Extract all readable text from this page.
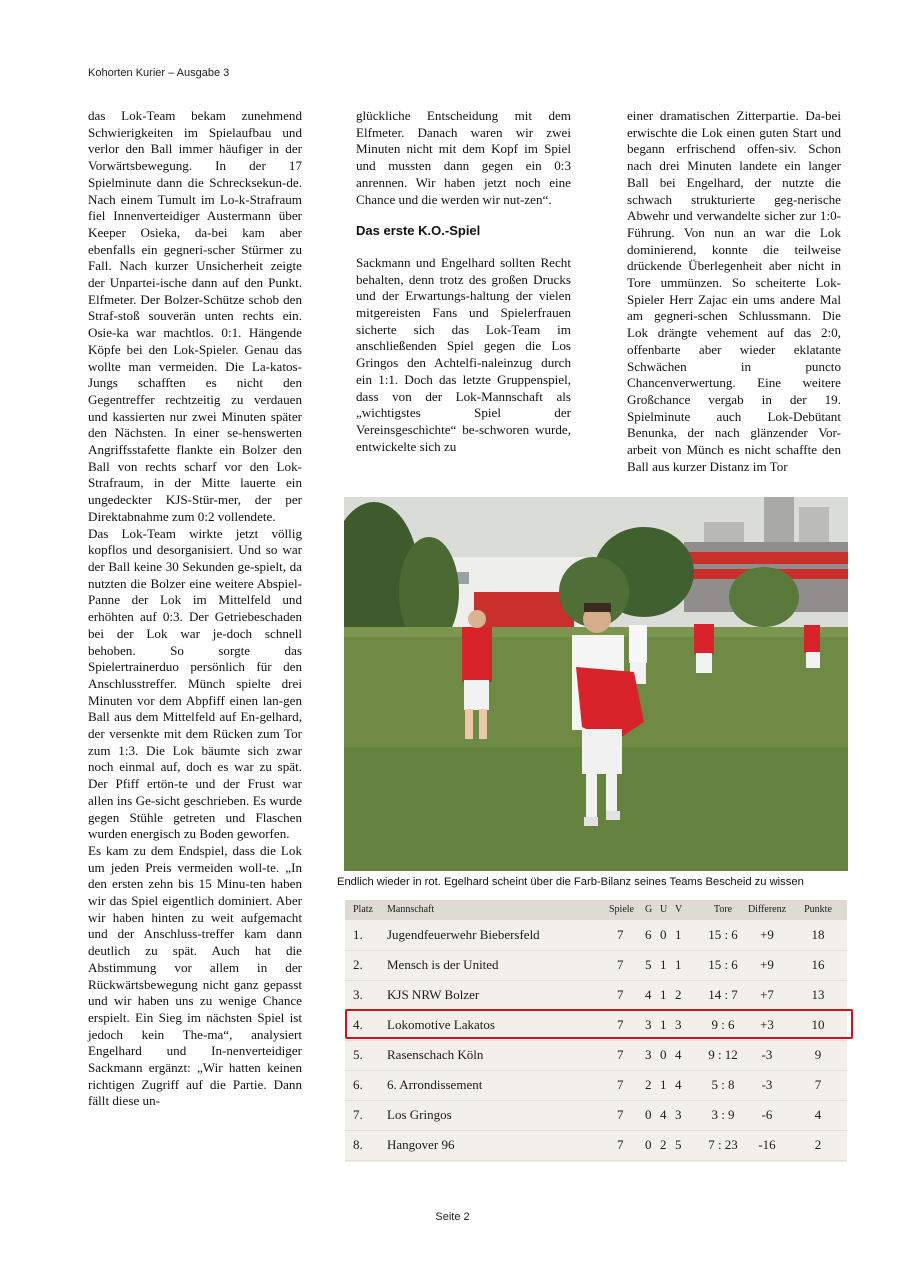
Kohorten Kurier – Ausgabe 3

das Lok-Team bekam zunehmend Schwierigkeiten im Spielaufbau und verlor den Ball immer häufiger in der Vorwärtsbewegung. In der 17 Spielminute dann die Schrecksekun-de. Nach einem Tumult im Lo-k-Strafraum fiel Innenverteidiger Austermann über Keeper Osieka, da-bei kam aber ebenfalls ein gegneri-scher Stürmer zu Fall. Nach kurzer Unsicherheit zeigte der Unpartei-ische dann auf den Punkt. Elfmeter. Der Bolzer-Schütze schob den Straf-stoß souverän unten rechts ein. Osie-ka war machtlos. 0:1. Hängende Köpfe bei den Lok-Spieler. Genau das wollte man vermeiden. Die La-katos-Jungs schafften es nicht den Gegentreffer rechtzeitig zu verdauen und kassierten nur zwei Minuten später den Nächsten. In einer se-henswerten Angriffsstafette flankte ein Bolzer den Ball von rechts scharf vor den Lok-Strafraum, in der Mitte lauerte ein ungedeckter KJS-Stür-mer, der per Direktabnahme zum 0:2 vollendete.

Das Lok-Team wirkte jetzt völlig kopflos und desorganisiert. Und so war der Ball keine 30 Sekunden ge-spielt, da nutzten die Bolzer eine weitere Abspiel-Panne der Lok im Mittelfeld und erhöhten auf 0:3. Der Getriebeschaden bei der Lok war je-doch schnell behoben. So sorgte das Spielertrainerduo persönlich für den Anschlusstreffer. Münch spielte drei Minuten vor dem Abpfiff einen lan-gen Ball aus dem Mittelfeld auf En-gelhard, der versenkte mit dem Rücken zum Tor zum 1:3. Die Lok bäumte sich zwar noch einmal auf, doch es war zu spät. Der Pfiff ertön-te und der Frust war allen ins Ge-sicht geschrieben. Es wurde gegen Stühle getreten und Flaschen wurden energisch zu Boden geworfen.

Es kam zu dem Endspiel, dass die Lok um jeden Preis vermeiden woll-te. „In den ersten zehn bis 15 Minu-ten haben wir das Spiel eigentlich dominiert. Aber wir haben hinten zu weit aufgemacht und der Anschluss-treffer kam dann deutlich zu spät. Auch hat die Abstimmung vor allem in der Rückwärtsbewegung nicht ganz gepasst und wir haben uns zu wenige Chance erspielt. Ein Sieg im nächsten Spiel ist jedoch kein The-ma“, analysiert Engelhard und In-nenverteidiger Sackmann ergänzt: „Wir hatten keinen richtigen Zugriff auf die Partie. Dann fällt diese un-

glückliche Entscheidung mit dem Elfmeter. Danach waren wir zwei Minuten nicht mit dem Kopf im Spiel und mussten dann gegen ein 0:3 anrennen. Wir haben jetzt noch eine Chance und die werden wir nut-zen“.

Das erste K.O.-Spiel

Sackmann und Engelhard sollten Recht behalten, denn trotz des großen Drucks und der Erwartungs-haltung der vielen mitgereisten Fans und Spielerfrauen sicherte sich das Lok-Team im anschließenden Spiel gegen die Los Gringos den Achtelfi-naleinzug durch ein 1:1. Doch das letzte Gruppenspiel, dass von der Lok-Mannschaft als „wichtigstes Spiel der Vereinsgeschichte“ be-schworen wurde, entwickelte sich zu

einer dramatischen Zitterpartie. Da-bei erwischte die Lok einen guten Start und begann erfrischend offen-siv. Schon nach drei Minuten landete ein langer Ball bei Engelhard, der nutzte die schwach strukturierte geg-nerische Abwehr und verwandelte sicher zur 1:0-Führung. Von nun an war die Lok dominierend, konnte die teilweise drückende Überlegenheit aber nicht in Tore ummünzen. So scheiterte Lok-Spieler Herr Zajac ein ums andere Mal am gegneri-schen Schlussmann. Die Lok drängte vehement auf das 2:0, offenbarte aber wieder eklatante Schwächen in puncto Chancenverwertung. Eine weitere Großchance vergab in der 19. Spielminute auch Lok-Debütant Benunka, der nach glänzender Vor-arbeit von Münch es nicht schaffte den Ball aus kurzer Distanz im Tor

Endlich wieder in rot. Egelhard scheint über die Farb-Bilanz seines Teams Bescheid zu wissen
Platz Mannschaft	Spiele G U V	Tore	Differenz	Punkte
1. Jugendfeuerwehr Biebersfeld	7 6 0 1	15 : 6	+9	18
2. Mensch is der United	7 5 1 1	15 : 6	+9	16
3. KJS NRW Bolzer	7 4 1 2	14 : 7	+7	13
4. Lokomotive Lakatos	7 3 1 3	9 : 6	+3	10
5. Rasenschach Köln	7 3 0 4	9 : 12	-3	9
6. 6. Arrondissement	7 2 1 4	5 : 8	-3	7
7. Los Gringos	7 0 4 3	3 : 9	-6	4
8. Hangover 96	7 0 2 5	7 : 23	-16	2
Seite 2
